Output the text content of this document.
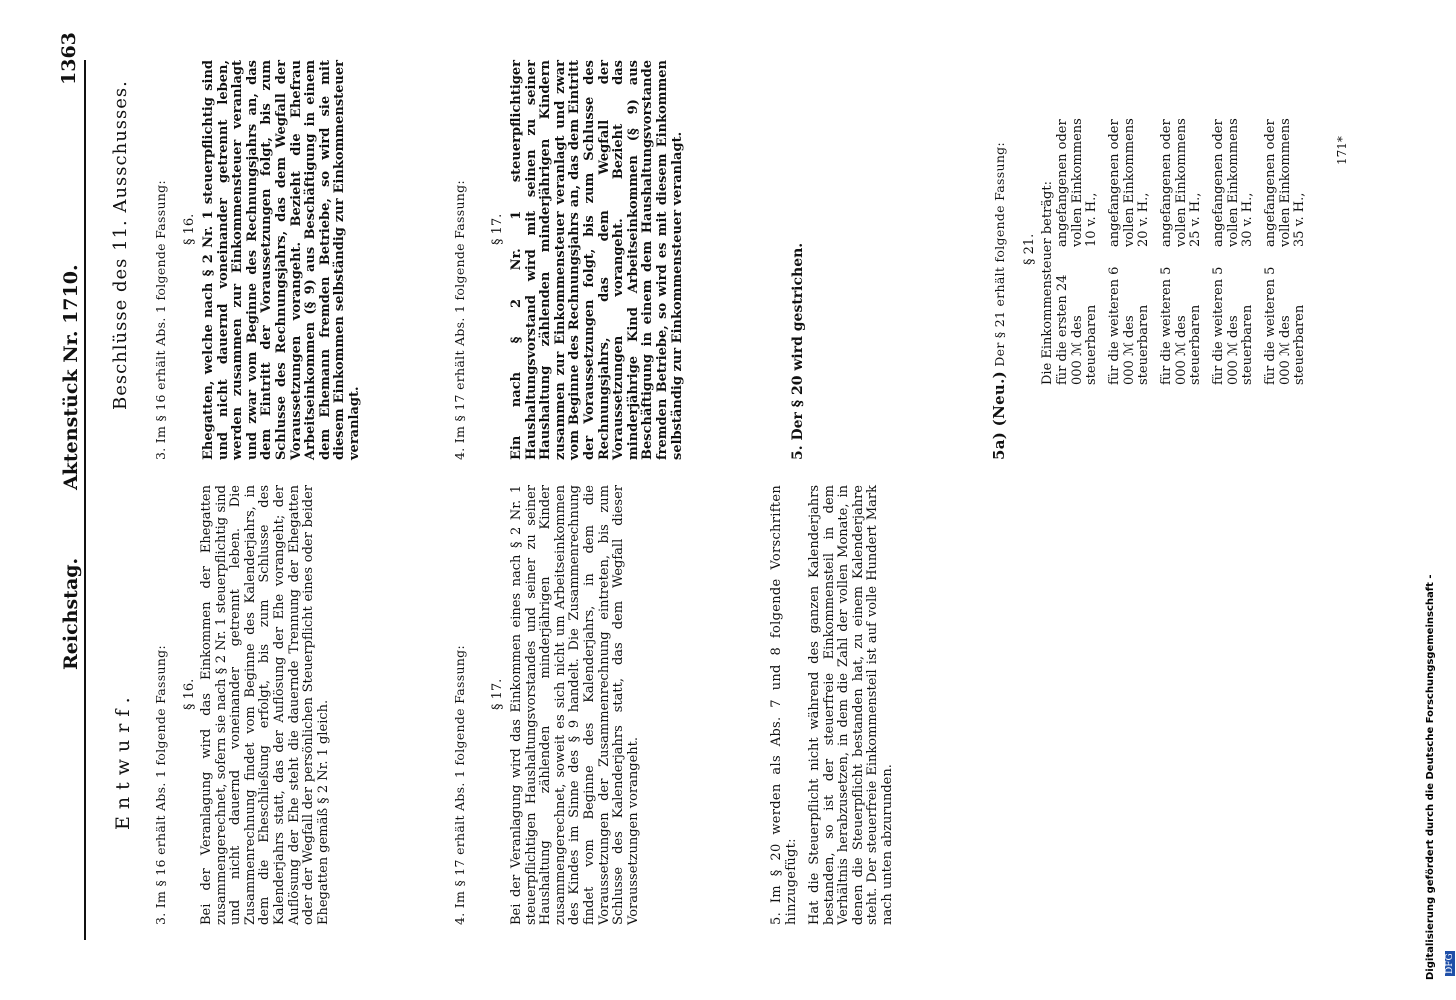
Reichstag.
Aktenstück Nr. 1710.
1363
Entwurf.
3. Im § 16 erhält Abs. 1 folgende Fassung: § 16. Bei der Veranlagung wird das Einkommen der Ehegatten zusammengerechnet, sofern sie nach § 2 Nr. 1 steuerpflichtig sind und nicht dauernd voneinander getrennt leben. Die Zusammenrechnung findet vom Beginne des Kalenderjahrs, in dem die Eheschließung erfolgt, bis zum Schlusse des Kalenderjahrs statt, das der Auflösung der Ehe vorangeht; der Auflösung der Ehe steht die dauernde Trennung der Ehegatten oder der Wegfall der persönlichen Steuerpflicht eines oder beider Ehegatten gemäß § 2 Nr. 1 gleich.	4. Im § 17 erhält Abs. 1 folgende Fassung: § 17. Bei der Veranlagung wird das Einkommen eines nach § 2 Nr. 1 steuerpflichtigen Haushaltungsvorstandes und seiner zu seiner Haushaltung zählenden minderjährigen Kinder zusammengerechnet, soweit es sich nicht um Arbeitseinkommen des Kindes im Sinne des § 9 handelt. Die Zusammenrechnung findet vom Beginne des Kalenderjahrs, in dem die Voraussetzungen der Zusammenrechnung eintreten, bis zum Schlusse des Kalenderjahrs statt, das dem Wegfall dieser Voraussetzungen vorangeht.	5. Im § 20 werden als Abs. 7 und 8 folgende Vorschriften hinzugefügt: Hat die Steuerpflicht nicht während des ganzen Kalenderjahrs bestanden, so ist der steuerfreie Einkommensteil in dem Verhältnis herabzusetzen, in dem die Zahl der vollen Monate, in denen die Steuerpflicht bestanden hat, zu einem Kalenderjahre steht. Der steuerfreie Einkommensteil ist auf volle Hundert Mark nach unten abzurunden.
Beschlüsse des 11. Ausschusses.
3. Im § 16 erhält Abs. 1 folgende Fassung: § 16. Ehegatten, welche nach § 2 Nr. 1 steuerpflichtig sind und nicht dauernd voneinander getrennt leben, werden zusammen zur Einkommensteuer veranlagt und zwar vom Beginne des Rechnungsjahrs an, das dem Eintritt der Voraussetzungen folgt, bis zum Schlusse des Rechnungsjahrs, das dem Wegfall der Voraussetzungen vorangeht. Bezieht die Ehefrau Arbeitseinkommen (§ 9) aus Beschäftigung in einem dem Ehemann fremden Betriebe, so wird sie mit diesem Einkommen selbständig zur Einkommensteuer veranlagt.	4. Im § 17 erhält Abs. 1 folgende Fassung: § 17. Ein nach § 2 Nr. 1 steuerpflichtiger Haushaltungsvorstand wird mit seinen zu seiner Haushaltung zählenden minderjährigen Kindern zusammen zur Einkommensteuer veranlagt und zwar vom Beginne des Rechnungsjahrs an, das dem Eintritt der Voraussetzungen folgt, bis zum Schlusse des Rechnungsjahrs, das dem Wegfall der Voraussetzungen vorangeht. Bezieht das minderjährige Kind Arbeitseinkommen (§ 9) aus Beschäftigung in einem dem Haushaltungsvorstande fremden Betriebe, so wird es mit diesem Einkommen selbständig zur Einkommensteuer veranlagt.	5. Der § 20 wird gestrichen.	5a) (Neu.) Der § 21 erhält folgende Fassung: § 21. Die Einkommensteuer beträgt: für die ersten 24 000 ℳ des steuerbaren
angefangenen oder vollen Einkommens 10 v. H.,
für die weiteren 6 000 ℳ des steuerbaren
angefangenen oder vollen Einkommens 20 v. H.,
für die weiteren 5 000 ℳ des steuerbaren
angefangenen oder vollen Einkommens 25 v. H.,
für die weiteren 5 000 ℳ des steuerbaren
angefangenen oder vollen Einkommens 30 v. H.,
für die weiteren 5 000 ℳ des steuerbaren
angefangenen oder vollen Einkommens 35 v. H.,
171*
Digitalisierung gefördert durch die Deutsche Forschungsgemeinschaft - DFG
